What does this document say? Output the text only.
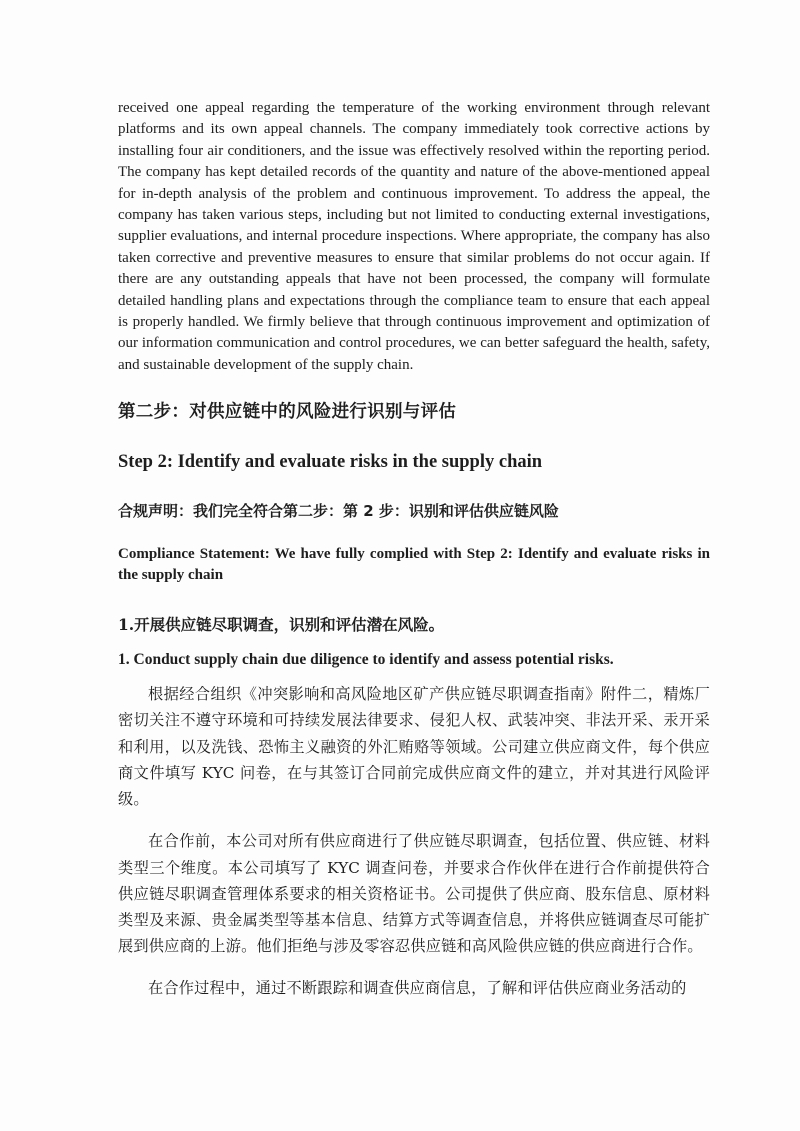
received one appeal regarding the temperature of the working environment through relevant platforms and its own appeal channels. The company immediately took corrective actions by installing four air conditioners, and the issue was effectively resolved within the reporting period. The company has kept detailed records of the quantity and nature of the above-mentioned appeal for in-depth analysis of the problem and continuous improvement. To address the appeal, the company has taken various steps, including but not limited to conducting external investigations, supplier evaluations, and internal procedure inspections. Where appropriate, the company has also taken corrective and preventive measures to ensure that similar problems do not occur again. If there are any outstanding appeals that have not been processed, the company will formulate detailed handling plans and expectations through the compliance team to ensure that each appeal is properly handled. We firmly believe that through continuous improvement and optimization of our information communication and control procedures, we can better safeguard the health, safety, and sustainable development of the supply chain.

第二步：对供应链中的风险进行识别与评估
Step 2: Identify and evaluate risks in the supply chain
合规声明：我们完全符合第二步：第 2 步：识别和评估供应链风险
Compliance Statement: We have fully complied with Step 2: Identify and evaluate risks in the supply chain
1.开展供应链尽职调查，识别和评估潜在风险。
1. Conduct supply chain due diligence to identify and assess potential risks.

根据经合组织《冲突影响和高风险地区矿产供应链尽职调查指南》附件二，精炼厂密切关注不遵守环境和可持续发展法律要求、侵犯人权、武装冲突、非法开采、汞开采和利用，以及洗钱、恐怖主义融资的外汇贿赂等领域。公司建立供应商文件，每个供应商文件填写 KYC 问卷，在与其签订合同前完成供应商文件的建立，并对其进行风险评级。

在合作前，本公司对所有供应商进行了供应链尽职调查，包括位置、供应链、材料类型三个维度。本公司填写了 KYC 调查问卷，并要求合作伙伴在进行合作前提供符合供应链尽职调查管理体系要求的相关资格证书。公司提供了供应商、股东信息、原材料类型及来源、贵金属类型等基本信息、结算方式等调查信息，并将供应链调查尽可能扩展到供应商的上游。他们拒绝与涉及零容忍供应链和高风险供应链的供应商进行合作。

在合作过程中，通过不断跟踪和调查供应商信息，了解和评估供应商业务活动的
